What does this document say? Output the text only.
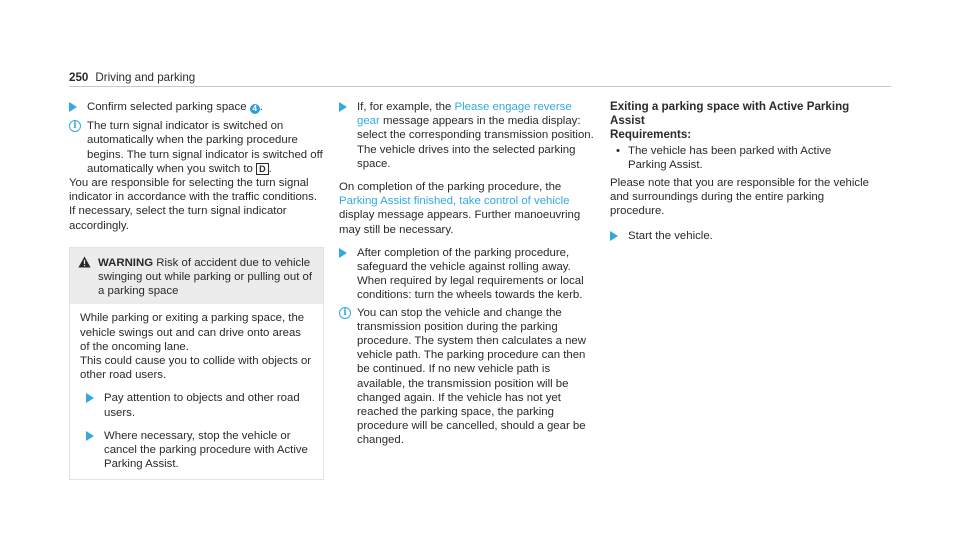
250 Driving and parking
Confirm selected parking space 4 .
i The turn signal indicator is switched on automatically when the parking procedure begins. The turn signal indicator is switched off automatically when you switch to D .

You are responsible for selecting the turn signal indicator in accordance with the traffic conditions. If necessary, select the turn signal indicator accordingly.

WARNING Risk of accident due to vehicle swinging out while parking or pulling out of a parking space

While parking or exiting a parking space, the vehicle swings out and can drive onto areas of the oncoming lane.

This could cause you to collide with objects or other road users.

Pay attention to objects and other road users.
Where necessary, stop the vehicle or cancel the parking procedure with Active Parking Assist.
If, for example, the Please engage reverse gear message appears in the media display: select the corresponding transmission position.
The vehicle drives into the selected parking space.

On completion of the parking procedure, the Parking Assist finished, take control of vehicle display message appears. Further manoeuvring may still be necessary.

After completion of the parking procedure, safeguard the vehicle against rolling away. When required by legal requirements or local conditions: turn the wheels towards the kerb.
i You can stop the vehicle and change the transmission position during the parking procedure. The system then calculates a new vehicle path. The parking procedure can then be continued. If no new vehicle path is available, the transmission position will be changed again. If the vehicle has not yet reached the parking space, the parking procedure will be cancelled, should a gear be changed.
Exiting a parking space with Active Parking Assist
Requirements:
• The vehicle has been parked with Active Parking Assist.

Please note that you are responsible for the vehicle and surroundings during the entire parking procedure.

Start the vehicle.
